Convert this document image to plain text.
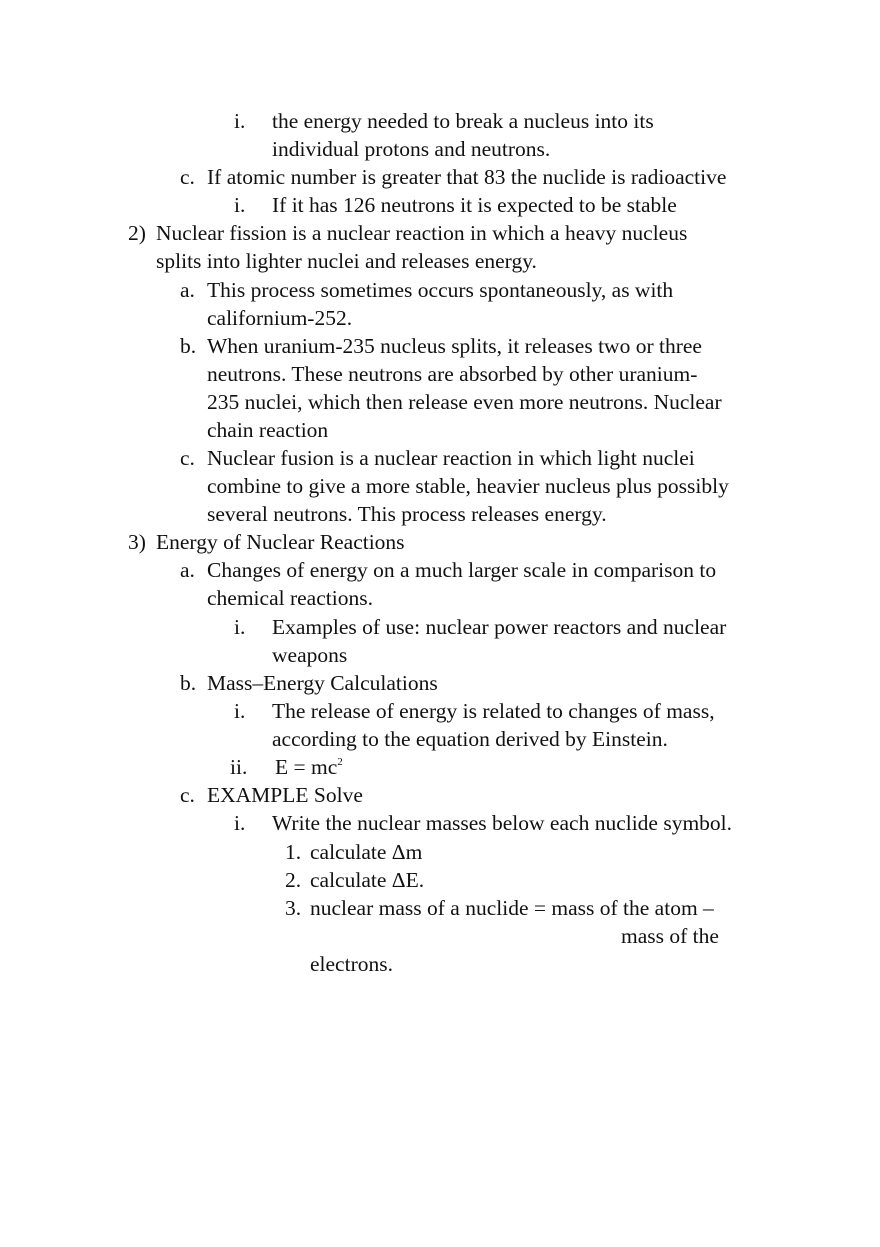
i. the energy needed to break a nucleus into its
individual protons and neutrons.
c. If atomic number is greater that 83 the nuclide is radioactive
i. If it has 126 neutrons it is expected to be stable
2) Nuclear fission is a nuclear reaction in which a heavy nucleus
splits into lighter nuclei and releases energy.
a. This process sometimes occurs spontaneously, as with
californium-252.
b. When uranium-235 nucleus splits, it releases two or three
neutrons. These neutrons are absorbed by other uranium-
235 nuclei, which then release even more neutrons. Nuclear
chain reaction
c. Nuclear fusion is a nuclear reaction in which light nuclei
combine to give a more stable, heavier nucleus plus possibly
several neutrons. This process releases energy.
3) Energy of Nuclear Reactions
a. Changes of energy on a much larger scale in comparison to
chemical reactions.
i. Examples of use: nuclear power reactors and nuclear
weapons
b. Mass–Energy Calculations
i. The release of energy is related to changes of mass,
according to the equation derived by Einstein.
ii. $E = mc^2$
c. EXAMPLE Solve
i. Write the nuclear masses below each nuclide symbol.
1. calculate Δm
2. calculate ΔE.
3. nuclear mass of a nuclide = mass of the atom –
mass of the
electrons.
